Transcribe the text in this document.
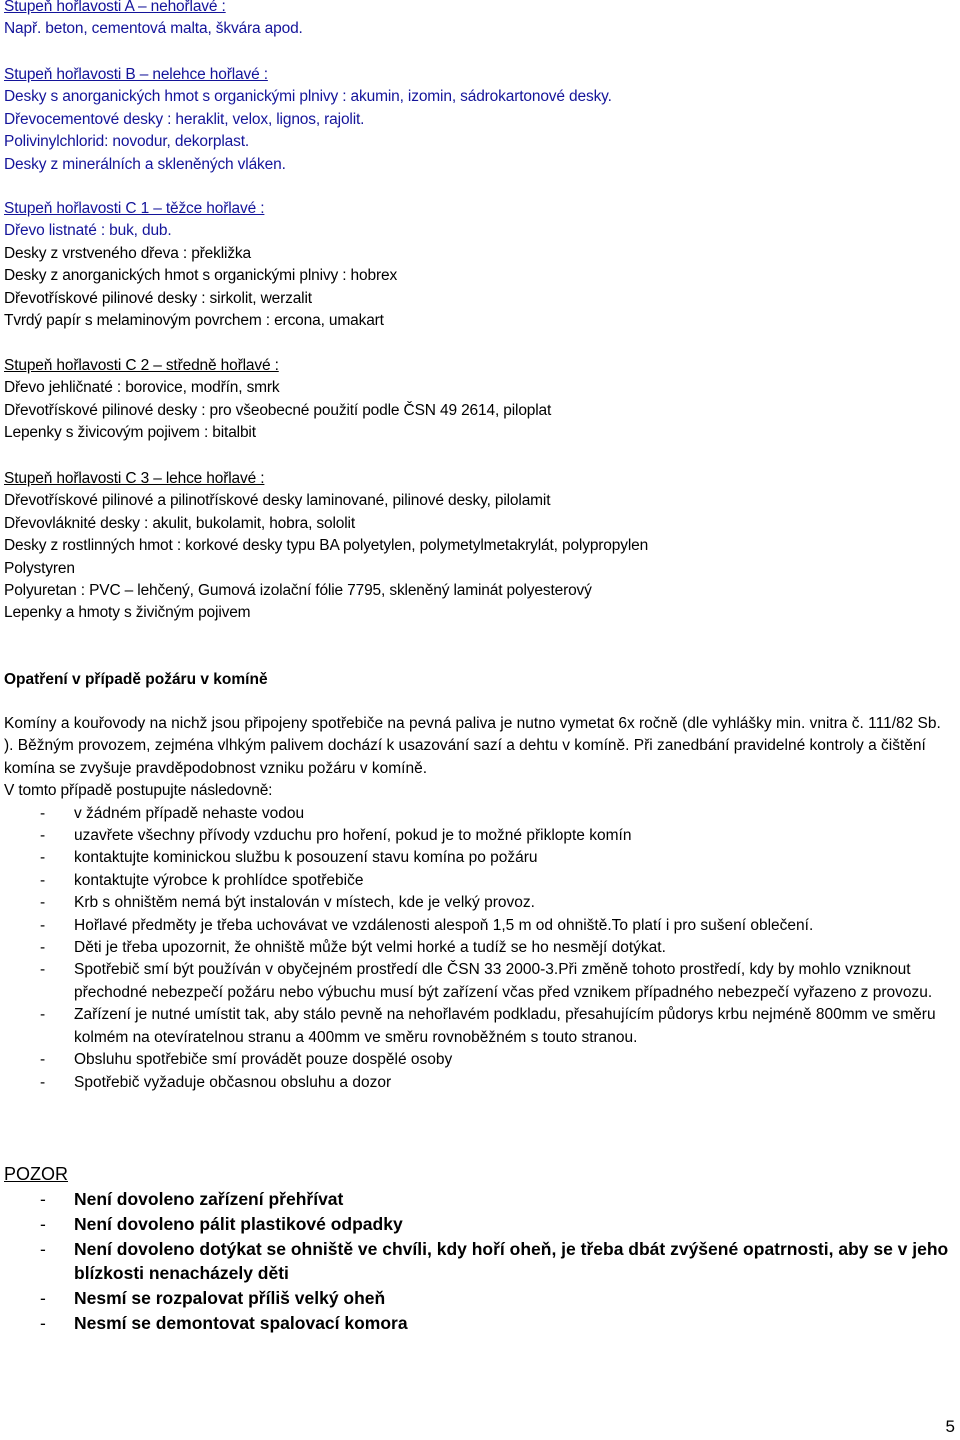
Stupeň hořlavosti A – nehořlavé :
Např. beton, cementová malta, škvára apod.
Stupeň hořlavosti B – nelehce hořlavé :
Desky s anorganických hmot s organickými plnivy : akumin, izomin, sádrokartonové desky.
Dřevocementové desky : heraklit, velox, lignos, rajolit.
Polivinylchlorid: novodur, dekorplast.
Desky z minerálních a skleněných vláken.
Stupeň hořlavosti C 1 – těžce hořlavé :
Dřevo listnaté : buk, dub.
Desky z vrstveného dřeva : překližka
Desky z anorganických hmot s organickými plnivy : hobrex
Dřevotřískové pilinové desky : sirkolit, werzalit
Tvrdý papír s melaminovým povrchem : ercona, umakart
Stupeň hořlavosti C 2 – středně hořlavé :
Dřevo jehličnaté : borovice, modřín, smrk
Dřevotřískové pilinové desky : pro všeobecné použití podle ČSN 49 2614, piloplat
Lepenky s živicovým pojivem : bitalbit
Stupeň hořlavosti C 3 – lehce hořlavé :
Dřevotřískové pilinové a pilinotřískové desky laminované, pilinové desky, pilolamit
Dřevovláknité desky : akulit, bukolamit, hobra, sololit
Desky z rostlinných hmot : korkové desky typu BA polyetylen, polymetylmetakrylát, polypropylen
Polystyren
Polyuretan : PVC – lehčený, Gumová izolační fólie 7795, skleněný laminát polyesterový
Lepenky a hmoty s živičným pojivem
Opatření v případě požáru v komíně
Komíny a kouřovody na nichž jsou připojeny spotřebiče na pevná paliva je nutno vymetat 6x ročně (dle vyhlášky min. vnitra č. 111/82 Sb. ). Běžným provozem, zejména vlhkým palivem dochází k usazování sazí a dehtu v komíně. Při zanedbání pravidelné kontroly a čištění komína se zvyšuje pravděpodobnost vzniku požáru v komíně.
V tomto případě postupujte následovně:
- v žádném případě nehaste vodou
- uzavřete všechny přívody vzduchu pro hoření, pokud je to možné přiklopte komín
- kontaktujte kominickou službu k posouzení stavu komína po požáru
- kontaktujte výrobce k prohlídce spotřebiče
- Krb s ohništěm nemá být instalován v místech, kde je velký provoz.
- Hořlavé předměty je třeba uchovávat ve vzdálenosti alespoň 1,5 m od ohniště.To platí i pro sušení oblečení.
- Děti je třeba upozornit, že ohniště může být velmi horké a tudíž se ho nesmějí dotýkat.
- Spotřebič smí být používán v obyčejném prostředí dle ČSN 33 2000-3.Při změně tohoto prostředí, kdy by mohlo vzniknout přechodné nebezpečí požáru nebo výbuchu musí být zařízení včas před vznikem případného nebezpečí vyřazeno z provozu.
- Zařízení je nutné umístit tak, aby stálo pevně na nehořlavém podkladu, přesahujícím půdorys krbu nejméně 800mm ve směru kolmém na otevíratelnou stranu a 400mm ve směru rovnoběžném s touto stranou.
- Obsluhu spotřebiče smí provádět pouze dospělé osoby
- Spotřebič vyžaduje občasnou obsluhu a dozor
POZOR
- Není dovoleno zařízení přehřívat
- Není dovoleno pálit plastikové odpadky
- Není dovoleno dotýkat se ohniště ve chvíli, kdy hoří oheň, je třeba dbát zvýšené opatrnosti, aby se v jeho blízkosti nenacházely děti
- Nesmí se rozpalovat příliš velký oheň
- Nesmí se demontovat spalovací komora
5
